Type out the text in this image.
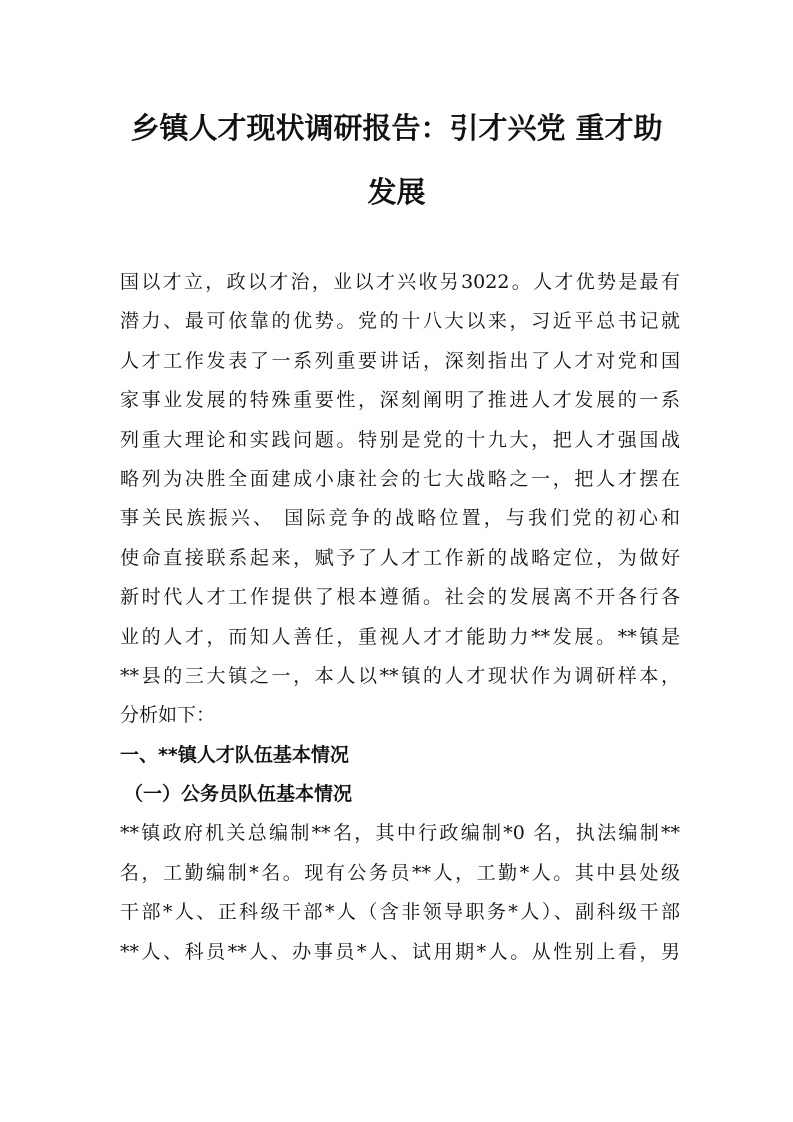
乡镇人才现状调研报告：引才兴党 重才助
发展
国以才立，政以才治，业以才兴收另3022。人才优势是最有
潜力、最可依靠的优势。党的十八大以来，习近平总书记就
人才工作发表了一系列重要讲话，深刻指出了人才对党和国
家事业发展的特殊重要性，深刻阐明了推进人才发展的一系
列重大理论和实践问题。特别是党的十九大，把人才强国战
略列为决胜全面建成小康社会的七大战略之一，把人才摆在
事关民族振兴、 国际竞争的战略位置，与我们党的初心和
使命直接联系起来，赋予了人才工作新的战略定位，为做好
新时代人才工作提供了根本遵循。社会的发展离不开各行各
业的人才，而知人善任，重视人才才能助力**发展。**镇是
**县的三大镇之一，本人以**镇的人才现状作为调研样本，
分析如下：
一、**镇人才队伍基本情况
（一）公务员队伍基本情况
**镇政府机关总编制**名，其中行政编制*0 名，执法编制**
名，工勤编制*名。现有公务员**人，工勤*人。其中县处级
干部*人、正科级干部*人（含非领导职务*人）、副科级干部
**人、科员**人、办事员*人、试用期*人。从性别上看，男
